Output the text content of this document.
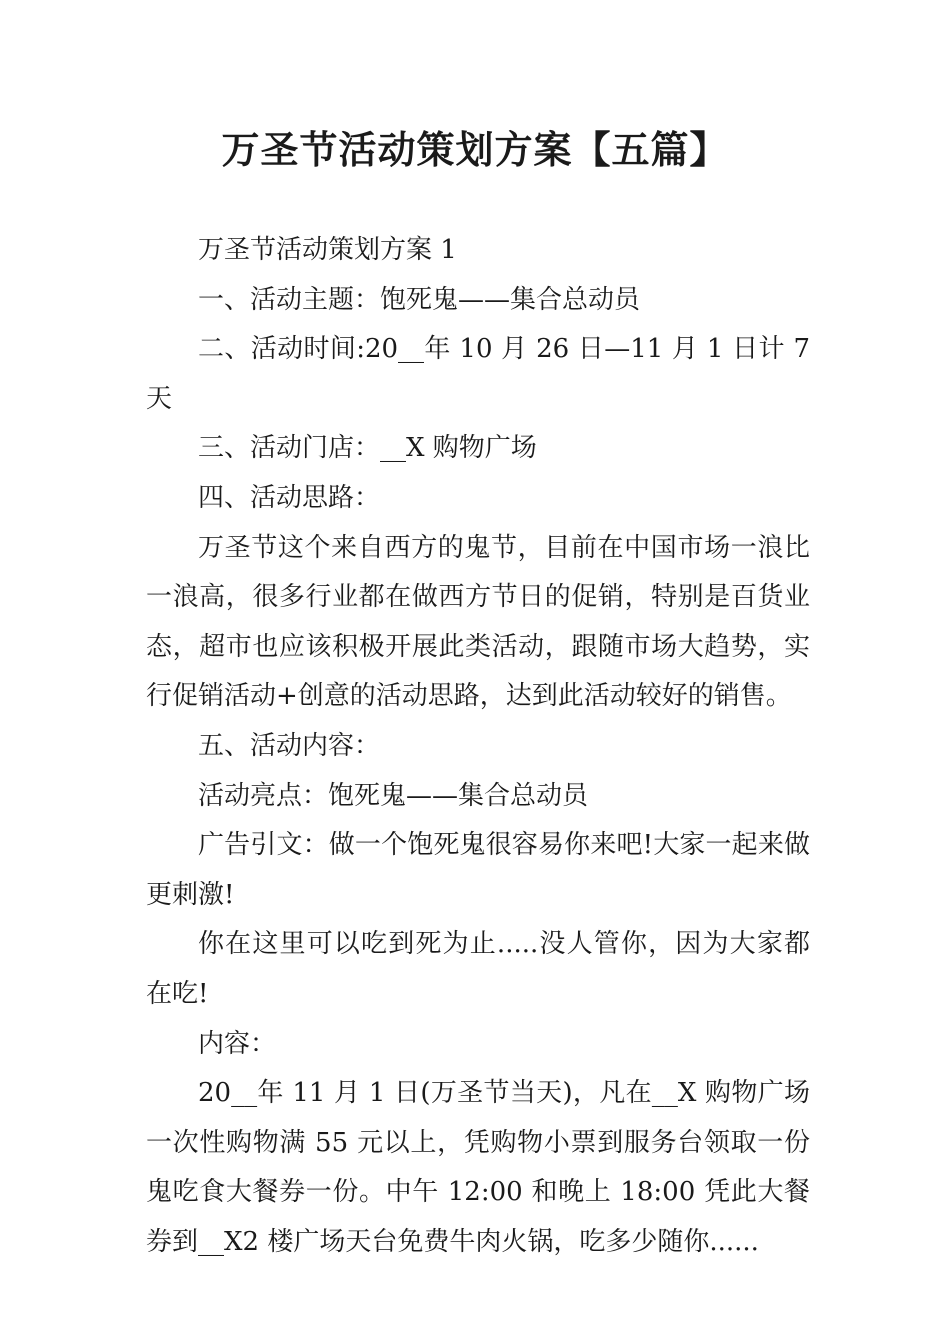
万圣节活动策划方案【五篇】

万圣节活动策划方案 1

一、活动主题：饱死鬼——集合总动员

二、活动时间:20__年 10 月 26 日—11 月 1 日计 7 天

三、活动门店：__X 购物广场

四、活动思路：

万圣节这个来自西方的鬼节，目前在中国市场一浪比一浪高，很多行业都在做西方节日的促销，特别是百货业态，超市也应该积极开展此类活动，跟随市场大趋势，实行促销活动+创意的活动思路，达到此活动较好的销售。

五、活动内容：

活动亮点：饱死鬼——集合总动员

广告引文：做一个饱死鬼很容易你来吧!大家一起来做更刺激!

你在这里可以吃到死为止.....没人管你，因为大家都在吃!

内容：

20__年 11 月 1 日(万圣节当天)，凡在__X 购物广场一次性购物满 55 元以上，凭购物小票到服务台领取一份鬼吃食大餐券一份。中午 12:00 和晚上 18:00 凭此大餐券到__X2 楼广场天台免费牛肉火锅，吃多少随你......
